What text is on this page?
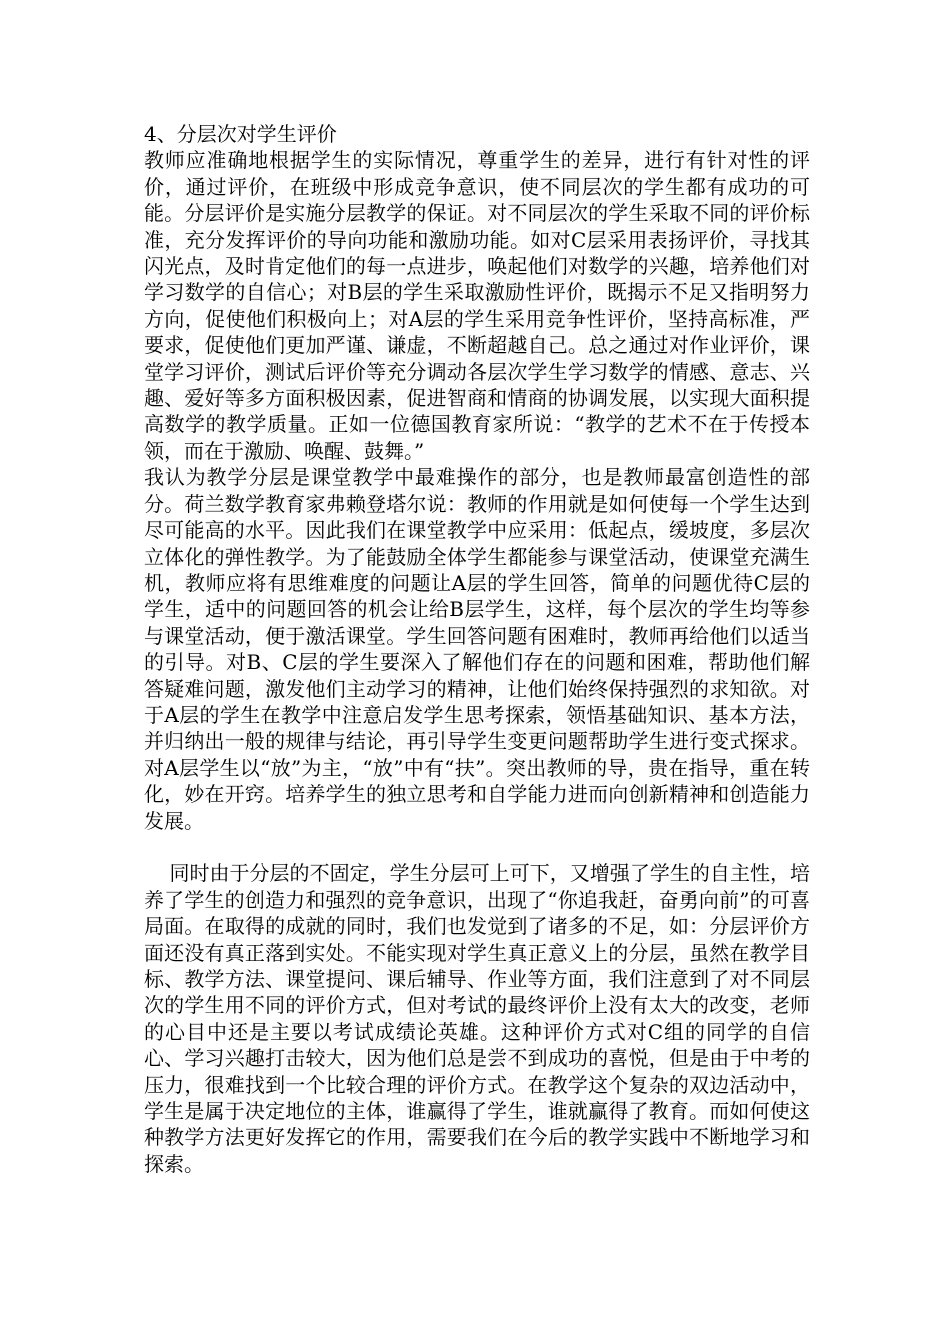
4、分层次对学生评价

教师应准确地根据学生的实际情况，尊重学生的差异，进行有针对性的评价，通过评价，在班级中形成竞争意识，使不同层次的学生都有成功的可能。分层评价是实施分层教学的保证。对不同层次的学生采取不同的评价标准，充分发挥评价的导向功能和激励功能。如对C层采用表扬评价，寻找其闪光点，及时肯定他们的每一点进步，唤起他们对数学的兴趣，培养他们对学习数学的自信心；对B层的学生采取激励性评价，既揭示不足又指明努力方向，促使他们积极向上；对A层的学生采用竞争性评价，坚持高标准，严要求，促使他们更加严谨、谦虚，不断超越自己。总之通过对作业评价，课堂学习评价，测试后评价等充分调动各层次学生学习数学的情感、意志、兴趣、爱好等多方面积极因素，促进智商和情商的协调发展，以实现大面积提高数学的教学质量。正如一位德国教育家所说：“教学的艺术不在于传授本领，而在于激励、唤醒、鼓舞。”

我认为教学分层是课堂教学中最难操作的部分，也是教师最富创造性的部分。荷兰数学教育家弗赖登塔尔说：教师的作用就是如何使每一个学生达到尽可能高的水平。因此我们在课堂教学中应采用：低起点，缓坡度，多层次立体化的弹性教学。为了能鼓励全体学生都能参与课堂活动，使课堂充满生机，教师应将有思维难度的问题让A层的学生回答，简单的问题优待C层的学生，适中的问题回答的机会让给B层学生，这样，每个层次的学生均等参与课堂活动，便于激活课堂。学生回答问题有困难时，教师再给他们以适当的引导。对B、C层的学生要深入了解他们存在的问题和困难，帮助他们解答疑难问题，激发他们主动学习的精神，让他们始终保持强烈的求知欲。对于A层的学生在教学中注意启发学生思考探索，领悟基础知识、基本方法，并归纳出一般的规律与结论，再引导学生变更问题帮助学生进行变式探求。对A层学生以“放”为主，“放”中有“扶”。突出教师的导，贵在指导，重在转化，妙在开窍。培养学生的独立思考和自学能力进而向创新精神和创造能力发展。

同时由于分层的不固定，学生分层可上可下，又增强了学生的自主性，培养了学生的创造力和强烈的竞争意识，出现了“你追我赶，奋勇向前”的可喜局面。在取得的成就的同时，我们也发觉到了诸多的不足，如：分层评价方面还没有真正落到实处。不能实现对学生真正意义上的分层，虽然在教学目标、教学方法、课堂提问、课后辅导、作业等方面，我们注意到了对不同层次的学生用不同的评价方式，但对考试的最终评价上没有太大的改变，老师的心目中还是主要以考试成绩论英雄。这种评价方式对C组的同学的自信心、学习兴趣打击较大，因为他们总是尝不到成功的喜悦，但是由于中考的压力，很难找到一个比较合理的评价方式。在教学这个复杂的双边活动中，学生是属于决定地位的主体，谁赢得了学生，谁就赢得了教育。而如何使这种教学方法更好发挥它的作用，需要我们在今后的教学实践中不断地学习和探索。
